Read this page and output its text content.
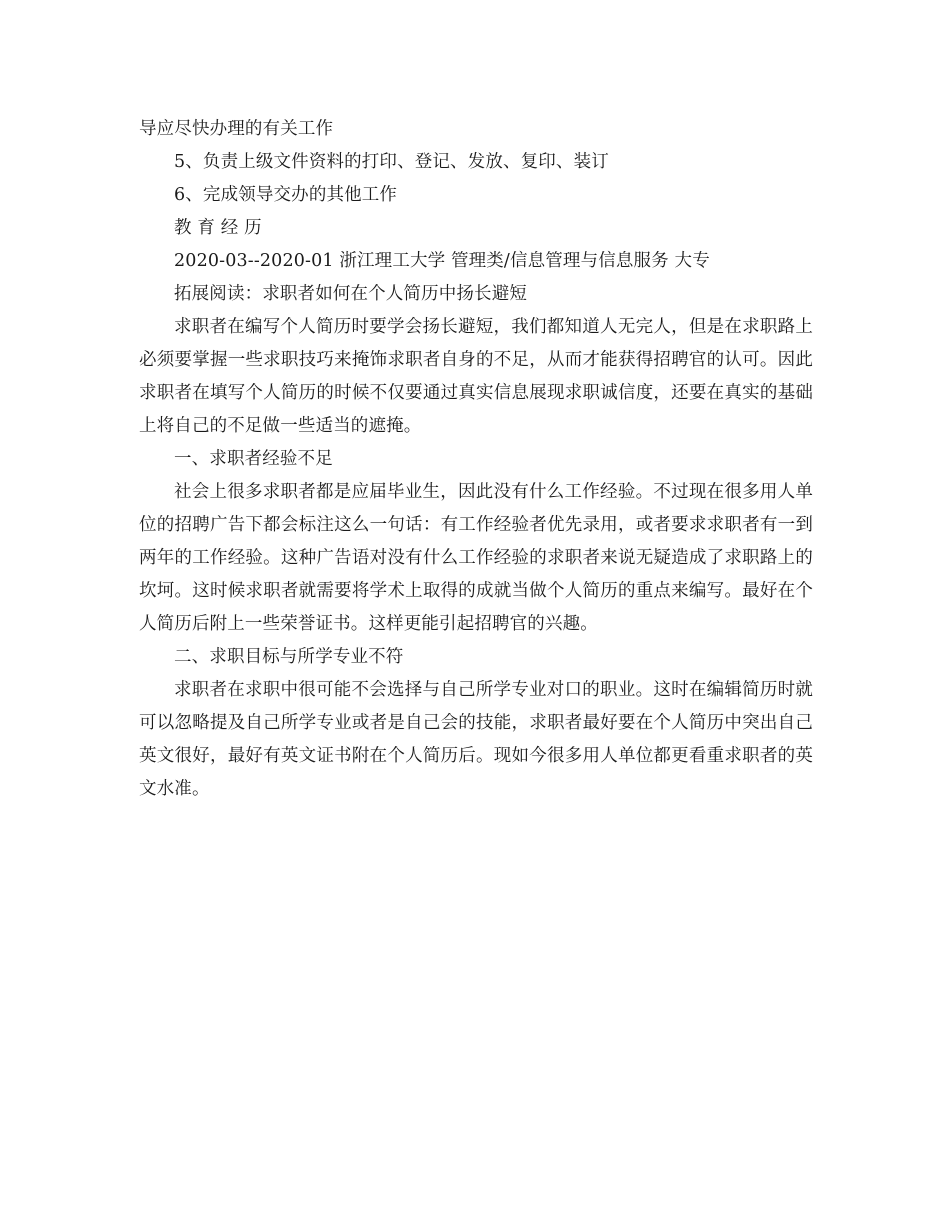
导应尽快办理的有关工作

5、负责上级文件资料的打印、登记、发放、复印、装订

6、完成领导交办的其他工作

教 育 经 历

2020-03--2020-01 浙江理工大学 管理类/信息管理与信息服务 大专

拓展阅读：求职者如何在个人简历中扬长避短

求职者在编写个人简历时要学会扬长避短，我们都知道人无完人，但是在求职路上必须要掌握一些求职技巧来掩饰求职者自身的不足，从而才能获得招聘官的认可。因此求职者在填写个人简历的时候不仅要通过真实信息展现求职诚信度，还要在真实的基础上将自己的不足做一些适当的遮掩。

一、求职者经验不足

社会上很多求职者都是应届毕业生，因此没有什么工作经验。不过现在很多用人单位的招聘广告下都会标注这么一句话：有工作经验者优先录用，或者要求求职者有一到两年的工作经验。这种广告语对没有什么工作经验的求职者来说无疑造成了求职路上的坎坷。这时候求职者就需要将学术上取得的成就当做个人简历的重点来编写。最好在个人简历后附上一些荣誉证书。这样更能引起招聘官的兴趣。

二、求职目标与所学专业不符

求职者在求职中很可能不会选择与自己所学专业对口的职业。这时在编辑简历时就可以忽略提及自己所学专业或者是自己会的技能，求职者最好要在个人简历中突出自己英文很好，最好有英文证书附在个人简历后。现如今很多用人单位都更看重求职者的英文水准。
